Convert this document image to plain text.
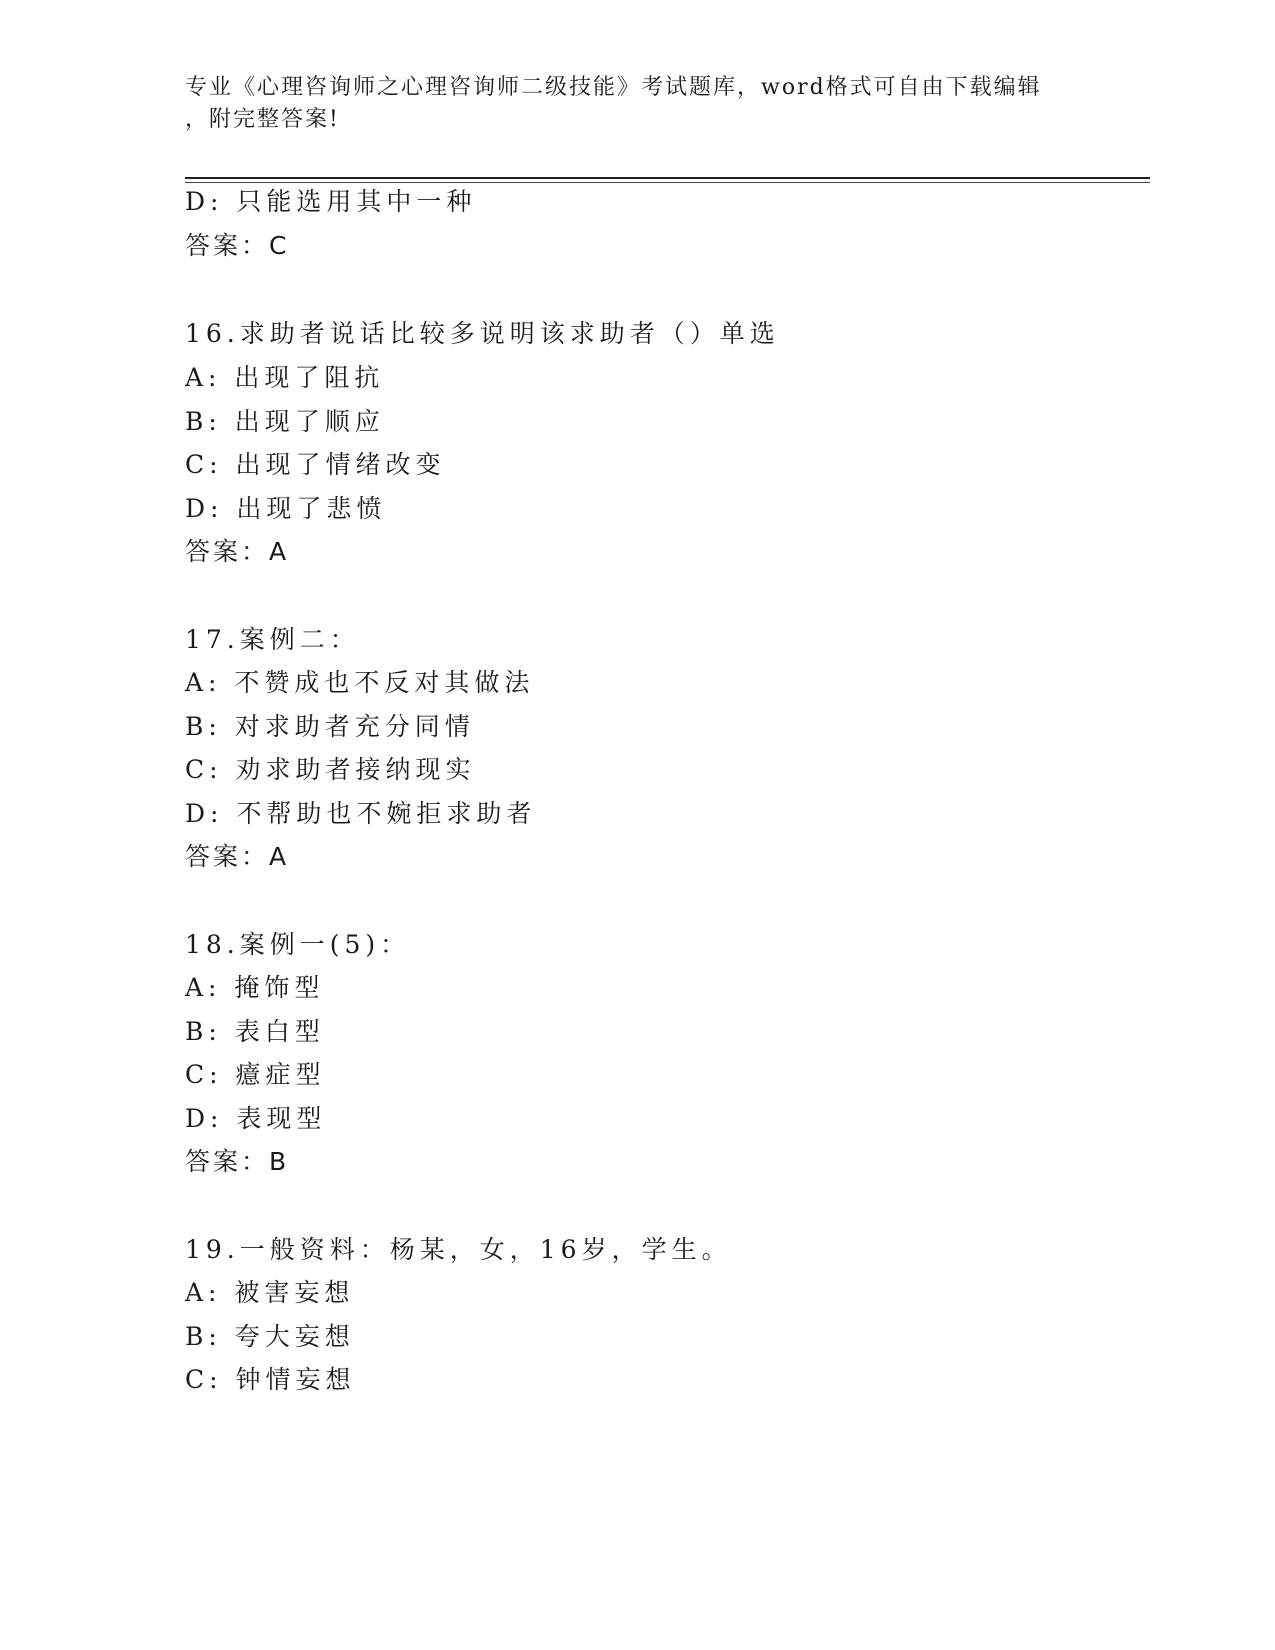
专业《心理咨询师之心理咨询师二级技能》考试题库，word格式可自由下载编辑
，附完整答案!
D: 只能选用其中一种
答案：C
16.求助者说话比较多说明该求助者（）单选
A: 出现了阻抗
B: 出现了顺应
C: 出现了情绪改变
D: 出现了悲愤
答案：A
17.案例二：
A: 不赞成也不反对其做法
B: 对求助者充分同情
C: 劝求助者接纳现实
D: 不帮助也不婉拒求助者
答案：A
18.案例一(5)：
A: 掩饰型
B: 表白型
C: 癔症型
D: 表现型
答案：B
19.一般资料：杨某，女，16岁，学生。
A: 被害妄想
B: 夸大妄想
C: 钟情妄想
